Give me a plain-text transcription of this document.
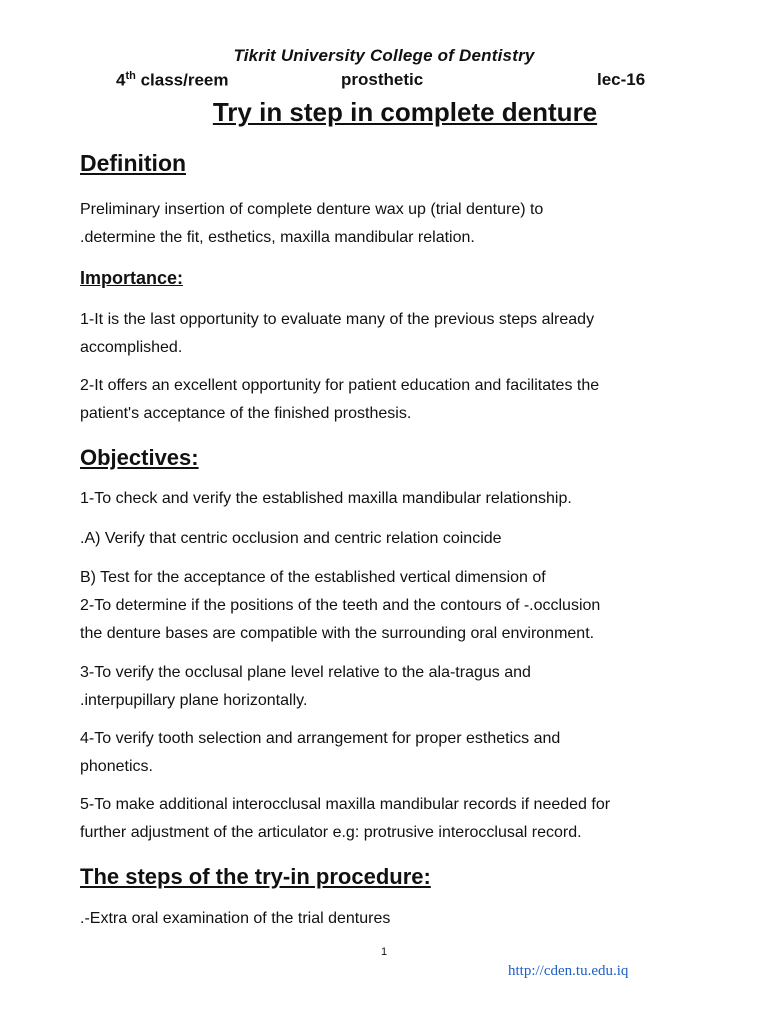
Tikrit University College of Dentistry
4th class/reem	prosthetic	lec-16
Try in step in complete denture
Definition
Preliminary insertion of complete denture wax up (trial denture) to
.determine the fit, esthetics, maxilla mandibular relation.
Importance:
1-It is the last opportunity to evaluate many of the previous steps already
accomplished.
2-It offers an excellent opportunity for patient education and facilitates the
patient's acceptance of the finished prosthesis.
Objectives:
1-To check and verify the established maxilla mandibular relationship.
.A) Verify that centric occlusion and centric relation coincide
B) Test for the acceptance of the established vertical dimension of
2-To determine if the positions of the teeth and the contours of -.occlusion
the denture bases are compatible with the surrounding oral environment.
3-To verify the occlusal plane level relative to the ala-tragus and
.interpupillary plane horizontally.
4-To verify tooth selection and arrangement for proper esthetics and
phonetics.
5-To make additional interocclusal maxilla mandibular records if needed for
further adjustment of the articulator e.g: protrusive interocclusal record.
The steps of the try-in procedure:
.-Extra oral examination of the trial dentures
1
http://cden.tu.edu.iq
